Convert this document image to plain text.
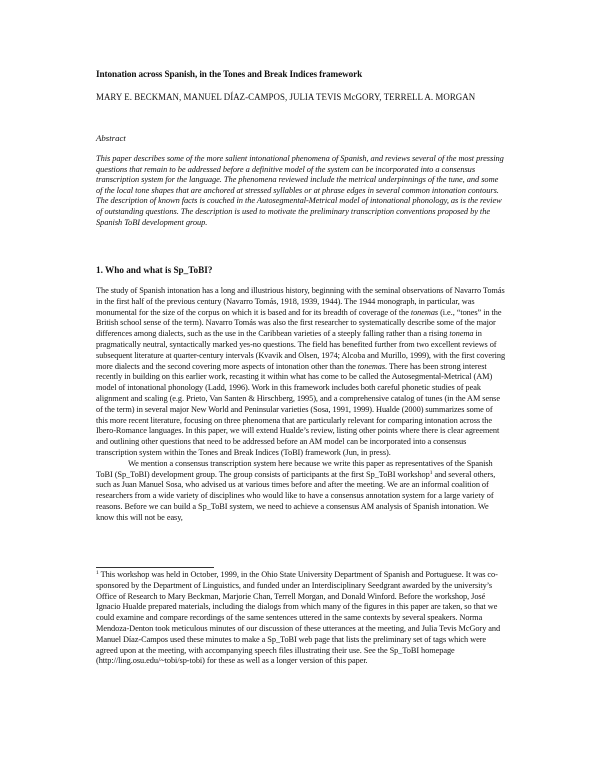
Intonation across Spanish, in the Tones and Break Indices framework
MARY E. BECKMAN, MANUEL DÍAZ-CAMPOS, JULIA TEVIS McGORY, TERRELL A. MORGAN
Abstract
This paper describes some of the more salient intonational phenomena of Spanish, and reviews several of the most pressing questions that remain to be addressed before a definitive model of the system can be incorporated into a consensus transcription system for the language. The phenomena reviewed include the metrical underpinnings of the tune, and some of the local tone shapes that are anchored at stressed syllables or at phrase edges in several common intonation contours. The description of known facts is couched in the Autosegmental-Metrical model of intonational phonology, as is the review of outstanding questions. The description is used to motivate the preliminary transcription conventions proposed by the Spanish ToBI development group.
1. Who and what is Sp_ToBI?

The study of Spanish intonation has a long and illustrious history, beginning with the seminal observations of Navarro Tomás in the first half of the previous century (Navarro Tomás, 1918, 1939, 1944). The 1944 monograph, in particular, was monumental for the size of the corpus on which it is based and for its breadth of coverage of the tonemas (i.e., “tones” in the British school sense of the term). Navarro Tomás was also the first researcher to systematically describe some of the major differences among dialects, such as the use in the Caribbean varieties of a steeply falling rather than a rising tonema in pragmatically neutral, syntactically marked yes-no questions. The field has benefited further from two excellent reviews of subsequent literature at quarter-century intervals (Kvavik and Olsen, 1974; Alcoba and Murillo, 1999), with the first covering more dialects and the second covering more aspects of intonation other than the tonemas. There has been strong interest recently in building on this earlier work, recasting it within what has come to be called the Autosegmental-Metrical (AM) model of intonational phonology (Ladd, 1996). Work in this framework includes both careful phonetic studies of peak alignment and scaling (e.g. Prieto, Van Santen & Hirschberg, 1995), and a comprehensive catalog of tunes (in the AM sense of the term) in several major New World and Peninsular varieties (Sosa, 1991, 1999). Hualde (2000) summarizes some of this more recent literature, focusing on three phenomena that are particularly relevant for comparing intonation across the Ibero-Romance languages. In this paper, we will extend Hualde’s review, listing other points where there is clear agreement and outlining other questions that need to be addressed before an AM model can be incorporated into a consensus transcription system within the Tones and Break Indices (ToBI) framework (Jun, in press).

We mention a consensus transcription system here because we write this paper as representatives of the Spanish ToBI (Sp_ToBI) development group. The group consists of participants at the first Sp_ToBI workshop$^1$ and several others, such as Juan Manuel Sosa, who advised us at various times before and after the meeting. We are an informal coalition of researchers from a wide variety of disciplines who would like to have a consensus annotation system for a large variety of reasons. Before we can build a Sp_ToBI system, we need to achieve a consensus AM analysis of Spanish intonation. We know this will not be easy,

$^1$ This workshop was held in October, 1999, in the Ohio State University Department of Spanish and Portuguese. It was co-sponsored by the Department of Linguistics, and funded under an Interdisciplinary Seedgrant awarded by the university’s Office of Research to Mary Beckman, Marjorie Chan, Terrell Morgan, and Donald Winford. Before the workshop, José Ignacio Hualde prepared materials, including the dialogs from which many of the figures in this paper are taken, so that we could examine and compare recordings of the same sentences uttered in the same contexts by several speakers. Norma Mendoza-Denton took meticulous minutes of our discussion of these utterances at the meeting, and Julia Tevis McGory and Manuel Díaz-Campos used these minutes to make a Sp_ToBI web page that lists the preliminary set of tags which were agreed upon at the meeting, with accompanying speech files illustrating their use. See the Sp_ToBI homepage (http://ling.osu.edu/~tobi/sp-tobi) for these as well as a longer version of this paper.
